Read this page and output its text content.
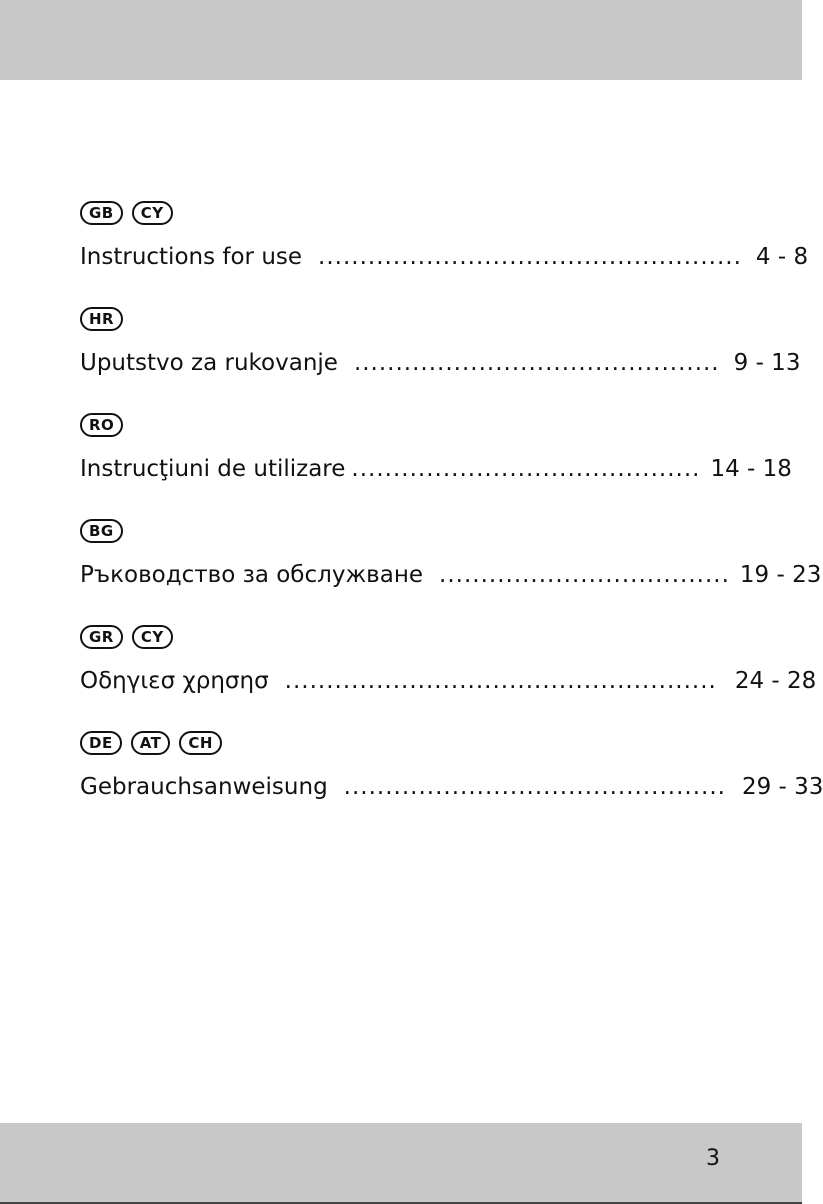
GB	CY
Instructions for use ................................................... 4 - 8
HR
Uputstvo za rukovanje ............................................ 9 - 13
RO
Instrucţiuni de utilizare .......................................... 14 - 18
BG
Ръководство за обслужване ................................... 19 - 23
GR	CY
Oδηγιεσ χρησησ .................................................... 24 - 28
DE	AT	CH
Gebrauchsanweisung .............................................. 29 - 33
3
